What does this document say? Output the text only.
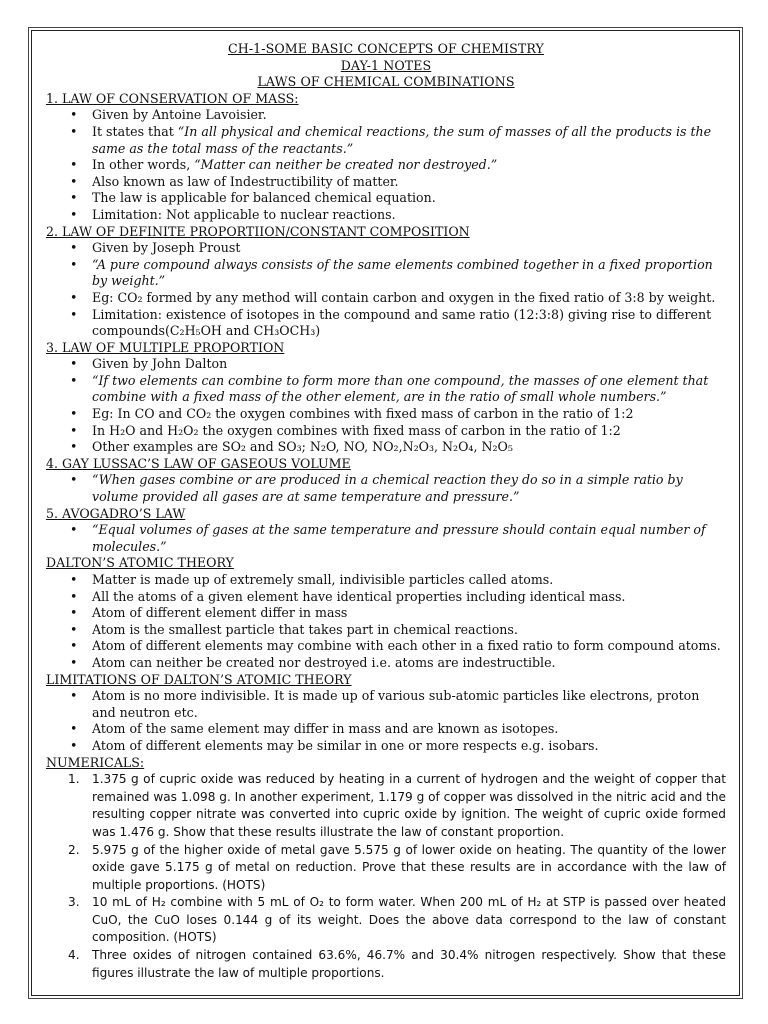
CH-1-SOME BASIC CONCEPTS OF CHEMISTRY
DAY-1 NOTES
LAWS OF CHEMICAL COMBINATIONS
1. LAW OF CONSERVATION OF MASS:
• Given by Antoine Lavoisier.
• It states that “In all physical and chemical reactions, the sum of masses of all the products is the same as the total mass of the reactants.”
• In other words, “Matter can neither be created nor destroyed.”
• Also known as law of Indestructibility of matter.
• The law is applicable for balanced chemical equation.
• Limitation: Not applicable to nuclear reactions.
2. LAW OF DEFINITE PROPORTIION/CONSTANT COMPOSITION
• Given by Joseph Proust
• “A pure compound always consists of the same elements combined together in a fixed proportion by weight.”
• Eg: CO₂ formed by any method will contain carbon and oxygen in the fixed ratio of 3:8 by weight.
• Limitation: existence of isotopes in the compound and same ratio (12:3:8) giving rise to different compounds(C₂H₅OH and CH₃OCH₃)
3. LAW OF MULTIPLE PROPORTION
• Given by John Dalton
• “If two elements can combine to form more than one compound, the masses of one element that combine with a fixed mass of the other element, are in the ratio of small whole numbers.”
• Eg: In CO and CO₂ the oxygen combines with fixed mass of carbon in the ratio of 1:2
• In H₂O and H₂O₂ the oxygen combines with fixed mass of carbon in the ratio of 1:2
• Other examples are SO₂ and SO₃; N₂O, NO, NO₂,N₂O₃, N₂O₄, N₂O₅
4. GAY LUSSAC’S LAW OF GASEOUS VOLUME
• “When gases combine or are produced in a chemical reaction they do so in a simple ratio by volume provided all gases are at same temperature and pressure.”
5. AVOGADRO’S LAW
• “Equal volumes of gases at the same temperature and pressure should contain equal number of molecules.”
DALTON’S ATOMIC THEORY
• Matter is made up of extremely small, indivisible particles called atoms.
• All the atoms of a given element have identical properties including identical mass.
• Atom of different element differ in mass
• Atom is the smallest particle that takes part in chemical reactions.
• Atom of different elements may combine with each other in a fixed ratio to form compound atoms.
• Atom can neither be created nor destroyed i.e. atoms are indestructible.
LIMITATIONS OF DALTON’S ATOMIC THEORY
• Atom is no more indivisible. It is made up of various sub-atomic particles like electrons, proton and neutron etc.
• Atom of the same element may differ in mass and are known as isotopes.
• Atom of different elements may be similar in one or more respects e.g. isobars.
NUMERICALS:
1. 1.375 g of cupric oxide was reduced by heating in a current of hydrogen and the weight of copper that remained was 1.098 g. In another experiment, 1.179 g of copper was dissolved in the nitric acid and the resulting copper nitrate was converted into cupric oxide by ignition. The weight of cupric oxide formed was 1.476 g. Show that these results illustrate the law of constant proportion.
2. 5.975 g of the higher oxide of metal gave 5.575 g of lower oxide on heating. The quantity of the lower oxide gave 5.175 g of metal on reduction. Prove that these results are in accordance with the law of multiple proportions. (HOTS)
3. 10 mL of H₂ combine with 5 mL of O₂ to form water. When 200 mL of H₂ at STP is passed over heated CuO, the CuO loses 0.144 g of its weight. Does the above data correspond to the law of constant composition. (HOTS)
4. Three oxides of nitrogen contained 63.6%, 46.7% and 30.4% nitrogen respectively. Show that these figures illustrate the law of multiple proportions.
